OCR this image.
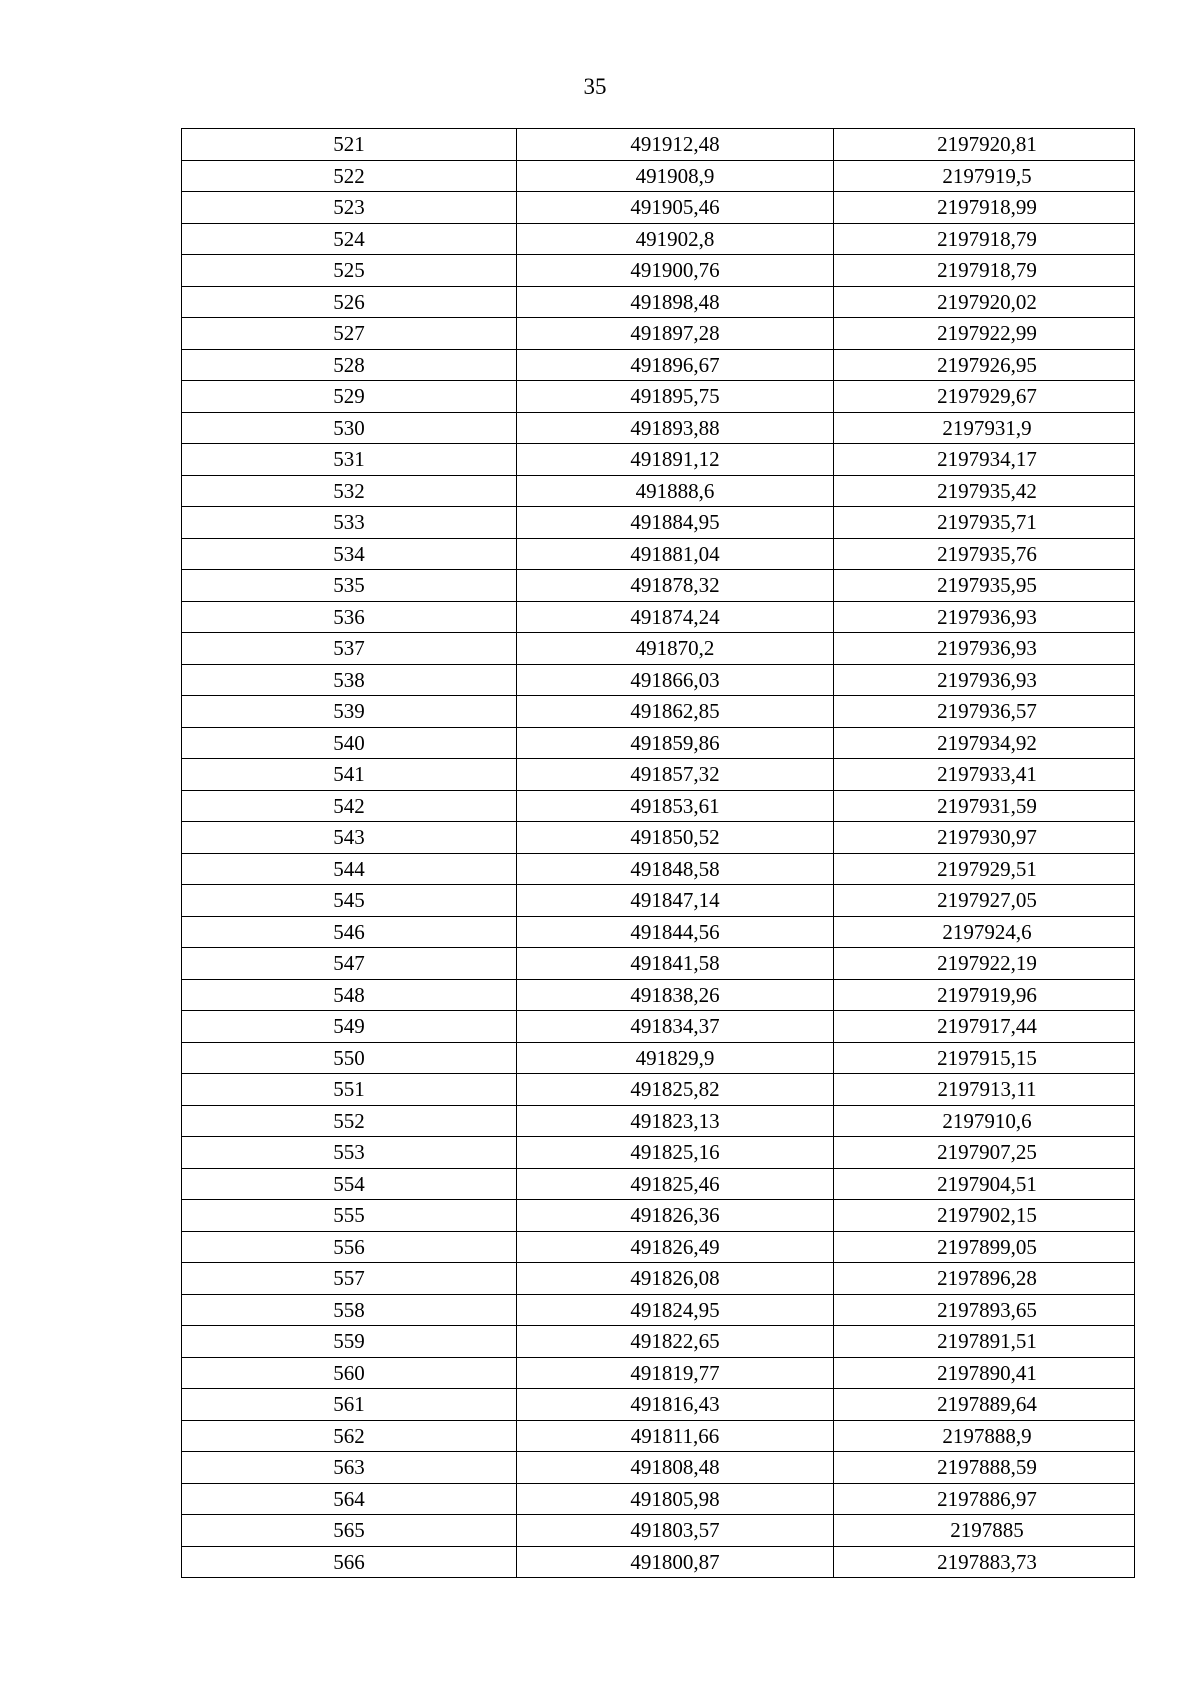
35
521	491912,48	2197920,81
522	491908,9	2197919,5
523	491905,46	2197918,99
524	491902,8	2197918,79
525	491900,76	2197918,79
526	491898,48	2197920,02
527	491897,28	2197922,99
528	491896,67	2197926,95
529	491895,75	2197929,67
530	491893,88	2197931,9
531	491891,12	2197934,17
532	491888,6	2197935,42
533	491884,95	2197935,71
534	491881,04	2197935,76
535	491878,32	2197935,95
536	491874,24	2197936,93
537	491870,2	2197936,93
538	491866,03	2197936,93
539	491862,85	2197936,57
540	491859,86	2197934,92
541	491857,32	2197933,41
542	491853,61	2197931,59
543	491850,52	2197930,97
544	491848,58	2197929,51
545	491847,14	2197927,05
546	491844,56	2197924,6
547	491841,58	2197922,19
548	491838,26	2197919,96
549	491834,37	2197917,44
550	491829,9	2197915,15
551	491825,82	2197913,11
552	491823,13	2197910,6
553	491825,16	2197907,25
554	491825,46	2197904,51
555	491826,36	2197902,15
556	491826,49	2197899,05
557	491826,08	2197896,28
558	491824,95	2197893,65
559	491822,65	2197891,51
560	491819,77	2197890,41
561	491816,43	2197889,64
562	491811,66	2197888,9
563	491808,48	2197888,59
564	491805,98	2197886,97
565	491803,57	2197885
566	491800,87	2197883,73
